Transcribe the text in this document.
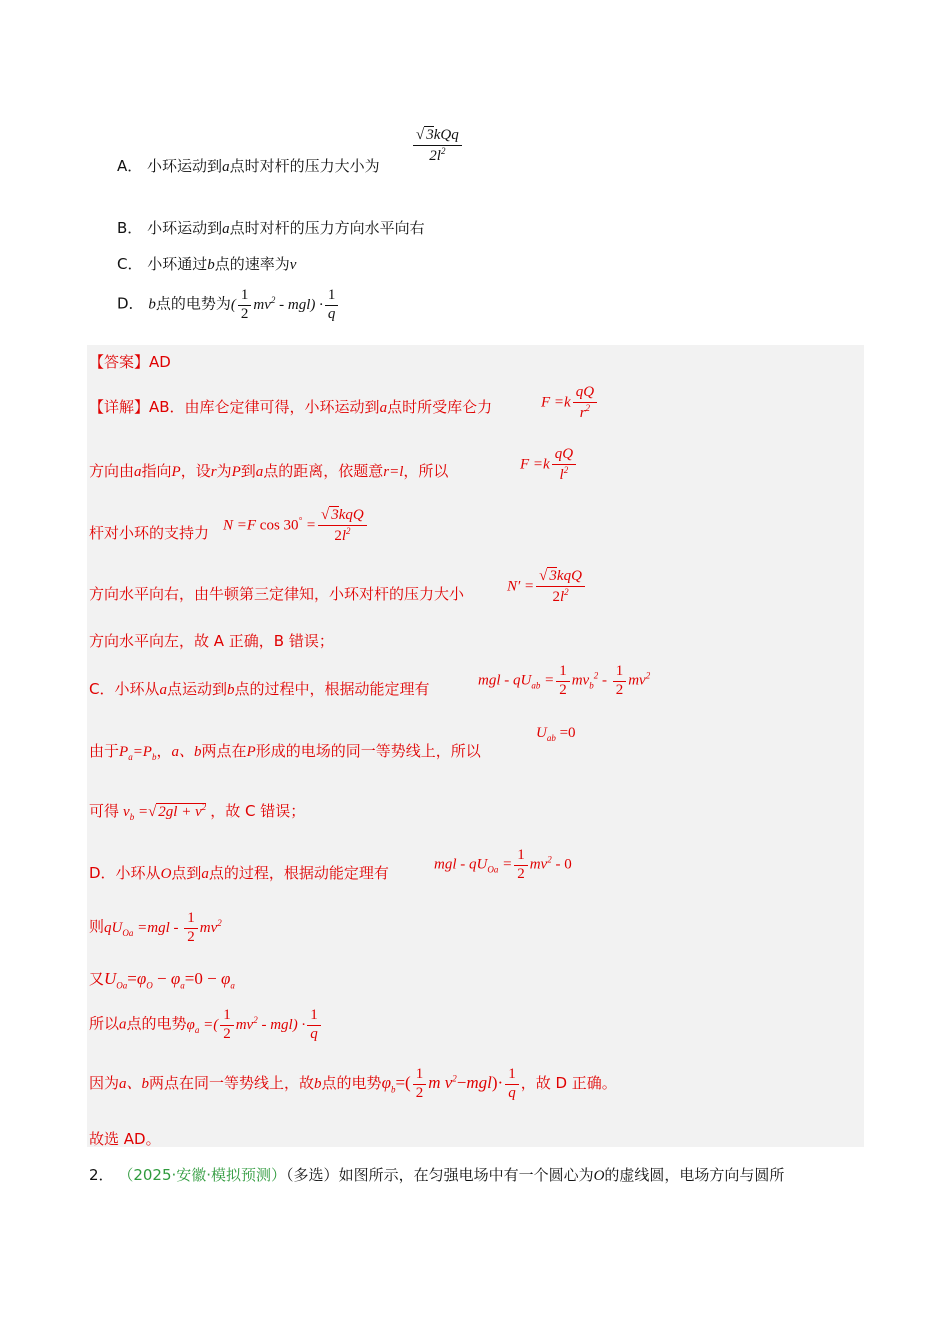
A． 小环运动到a点时对杆的压力大小为
$\frac{\text{√ 3kQq}}{2l^2}$
B． 小环运动到a点时对杆的压力方向水平向右
C． 小环通过b点的速率为v
D． b点的电势为( $\frac{1}{2} mv^2 - mgl) \cdot \frac{1}{q}$
【答案】AD
【详解】AB．由库仑定律可得，小环运动到a点时所受库仑力	$F =k \frac{qQ}{r^2}$
方向由a指向P，设r为P到a点的距离，依题意r=l，所以	$F =k \frac{qQ}{l^2}$
杆对小环的支持力 N =F $\cos 30^\circ = \frac{\text{√ 3kqQ}}{2l^2}$
方向水平向右，由牛顿第三定律知，小环对杆的压力大小	$N' = \frac{\text{√ 3kqQ}}{2l^2}$
方向水平向左，故 A 正确，B 错误；
C．小环从a点运动到b点的过程中，根据动能定理有	mgl - $qU_{ab} = \frac{1}{2} mv_b^2 - \frac{1}{2} mv^2$
由于$P_a=P_b$，a、b两点在P形成的电场的同一等势线上，所以
$U_{ab} =0$
可得 $v_b$ =√ $2gl + v^2$ ，故 C 错误；
D．小环从O点到a点的过程，根据动能定理有	mgl - $qU_{Oa} = \frac{1}{2} mv^2 - 0$
则$qU_{Oa} =mgl - \frac{1}{2} mv^2$
又$U_{Oa}=\varphi_O - \varphi_a=0 - \varphi_a$
所以a点的电势$\varphi_a$ =( $\frac{1}{2} mv^2 - mgl) \cdot \frac{1}{q}$
因为a、b两点在同一等势线上，故b点的电势$\varphi_b=( \frac{1}{2}$ m $v^2-mgl)\cdot \frac{1}{q}$ ，故 D 正确。
故选 AD。
2． （2025·安徽·模拟预测）（多选）如图所示，在匀强电场中有一个圆心为O的虚线圆，电场方向与圆所
